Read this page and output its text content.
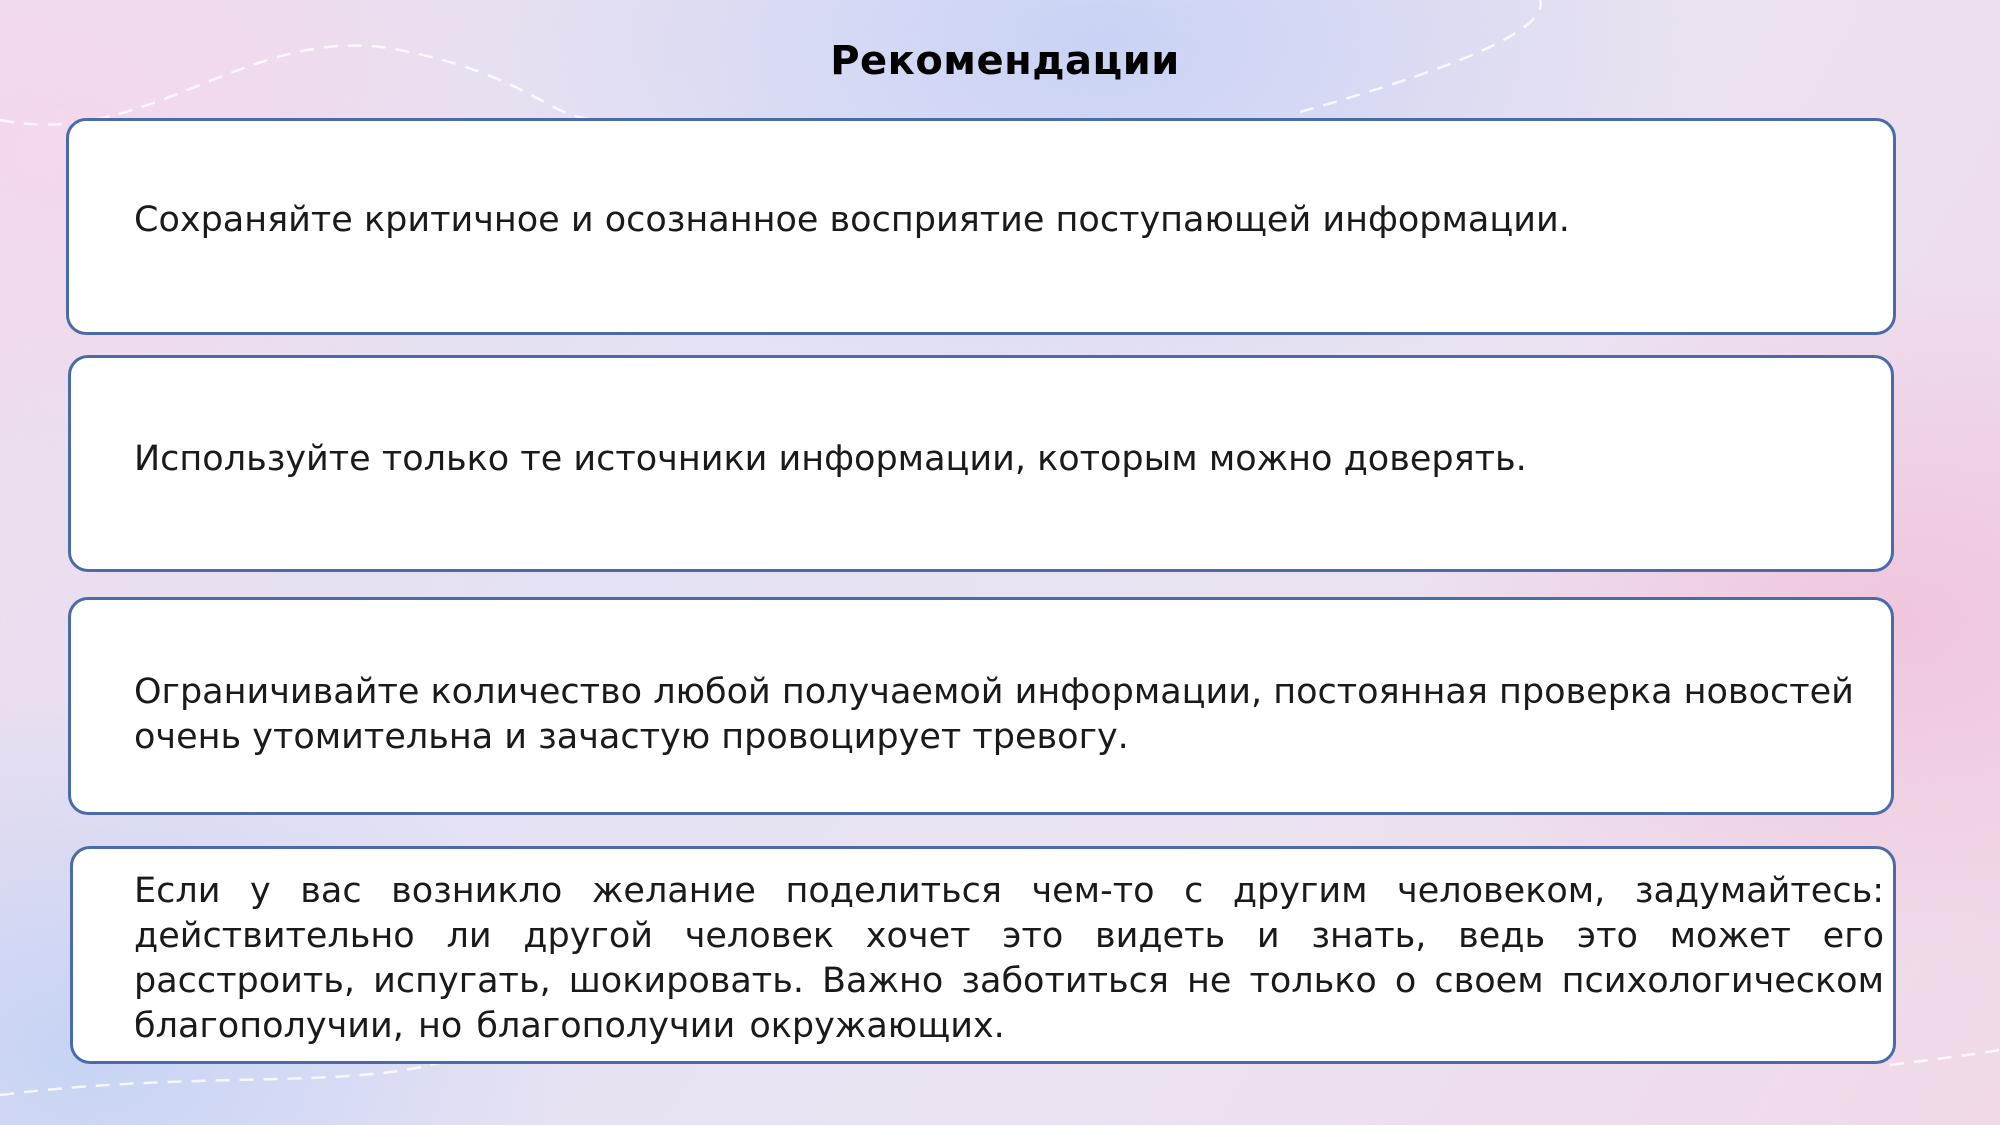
Рекомендации

Сохраняйте критичное и осознанное восприятие поступающей информации.

Используйте только те источники информации, которым можно доверять.

Ограничивайте количество любой получаемой информации, постоянная проверка новостей очень утомительна и зачастую провоцирует тревогу.

Если у вас возникло желание поделиться чем-то с другим человеком, задумайтесь: действительно ли другой человек хочет это видеть и знать, ведь это может его расстроить, испугать, шокировать. Важно заботиться не только о своем психологическом благополучии, но благополучии окружающих.
